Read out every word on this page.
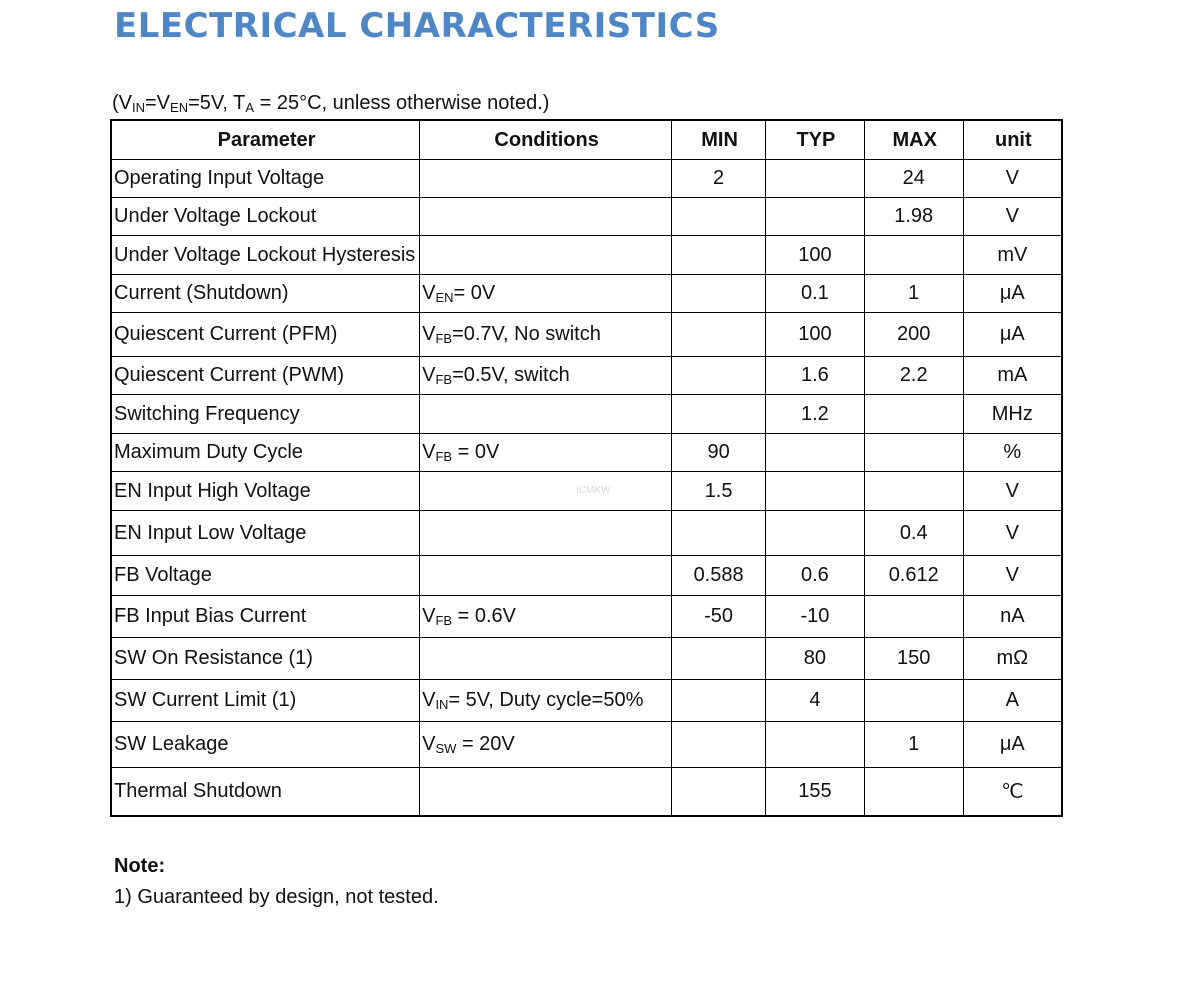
ELECTRICAL CHARACTERISTICS
($V_{IN}=V_{EN}=5V$, $T_A = 25^\circ C$, unless otherwise noted.)
Parameter	Conditions	MIN	TYP	MAX	unit
Operating Input Voltage		2		24	V
Under Voltage Lockout				1.98	V
Under Voltage Lockout Hysteresis			100		mV
Current (Shutdown)	$V_{EN}= 0V$		0.1	1	μA
Quiescent Current (PFM)	$V_{FB}=0.7V$, No switch		100	200	μA
Quiescent Current (PWM)	$V_{FB}=0.5V$, switch		1.6	2.2	mA
Switching Frequency			1.2		MHz
Maximum Duty Cycle	$V_{FB} = 0V$	90			%
EN Input High Voltage		1.5			V
EN Input Low Voltage				0.4	V
FB Voltage		0.588	0.6	0.612	V
FB Input Bias Current	$V_{FB} = 0.6V$	-50	-10		nA
SW On Resistance (1)			80	150	mΩ
SW Current Limit (1)	$V_{IN}= 5V$, Duty cycle=50%		4		A
SW Leakage	$V_{SW} = 20V$			1	μA
Thermal Shutdown			155		℃
ICMKW
Note:
1) Guaranteed by design, not tested.
